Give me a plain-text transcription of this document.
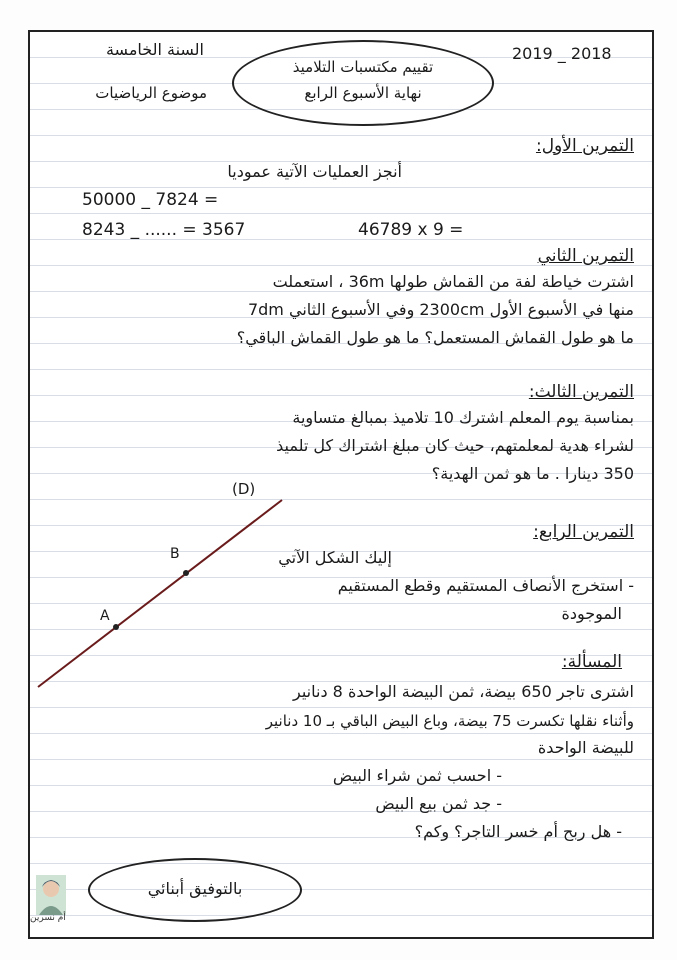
2019 _ 2018
السنة الخامسة
موضوع الرياضيات
تقييم مكتسبات التلاميذ
نهاية الأسبوع الرابع
التمرين الأول:
أنجز العمليات الآتية عموديا
50000 _ 7824 =
8243 _ ...... = 3567	46789 x 9 =
التمرين الثاني
اشترت خياطة لفة من القماش طولها 36m ، استعملت
منها في الأسبوع الأول 2300cm وفي الأسبوع الثاني 7dm
ما هو طول القماش المستعمل؟ ما هو طول القماش الباقي؟
التمرين الثالث:
بمناسبة يوم المعلم اشترك 10 تلاميذ بمبالغ متساوية
لشراء هدية لمعلمتهم، حيث كان مبلغ اشتراك كل تلميذ
350 دينارا . ما هو ثمن الهدية؟
التمرين الرابع:
إليك الشكل الآتي
- استخرج الأنصاف المستقيم وقطع المستقيم
الموجودة
A
B
(D)
المسألة:
اشترى تاجر 650 بيضة، ثمن البيضة الواحدة 8 دنانير
وأثناء نقلها تكسرت 75 بيضة، وباع البيض الباقي بـ 10 دنانير
للبيضة الواحدة
- احسب ثمن شراء البيض
- جد ثمن بيع البيض
- هل ربح أم خسر التاجر؟ وكم؟
بالتوفيق أبنائي
أم نسرين
